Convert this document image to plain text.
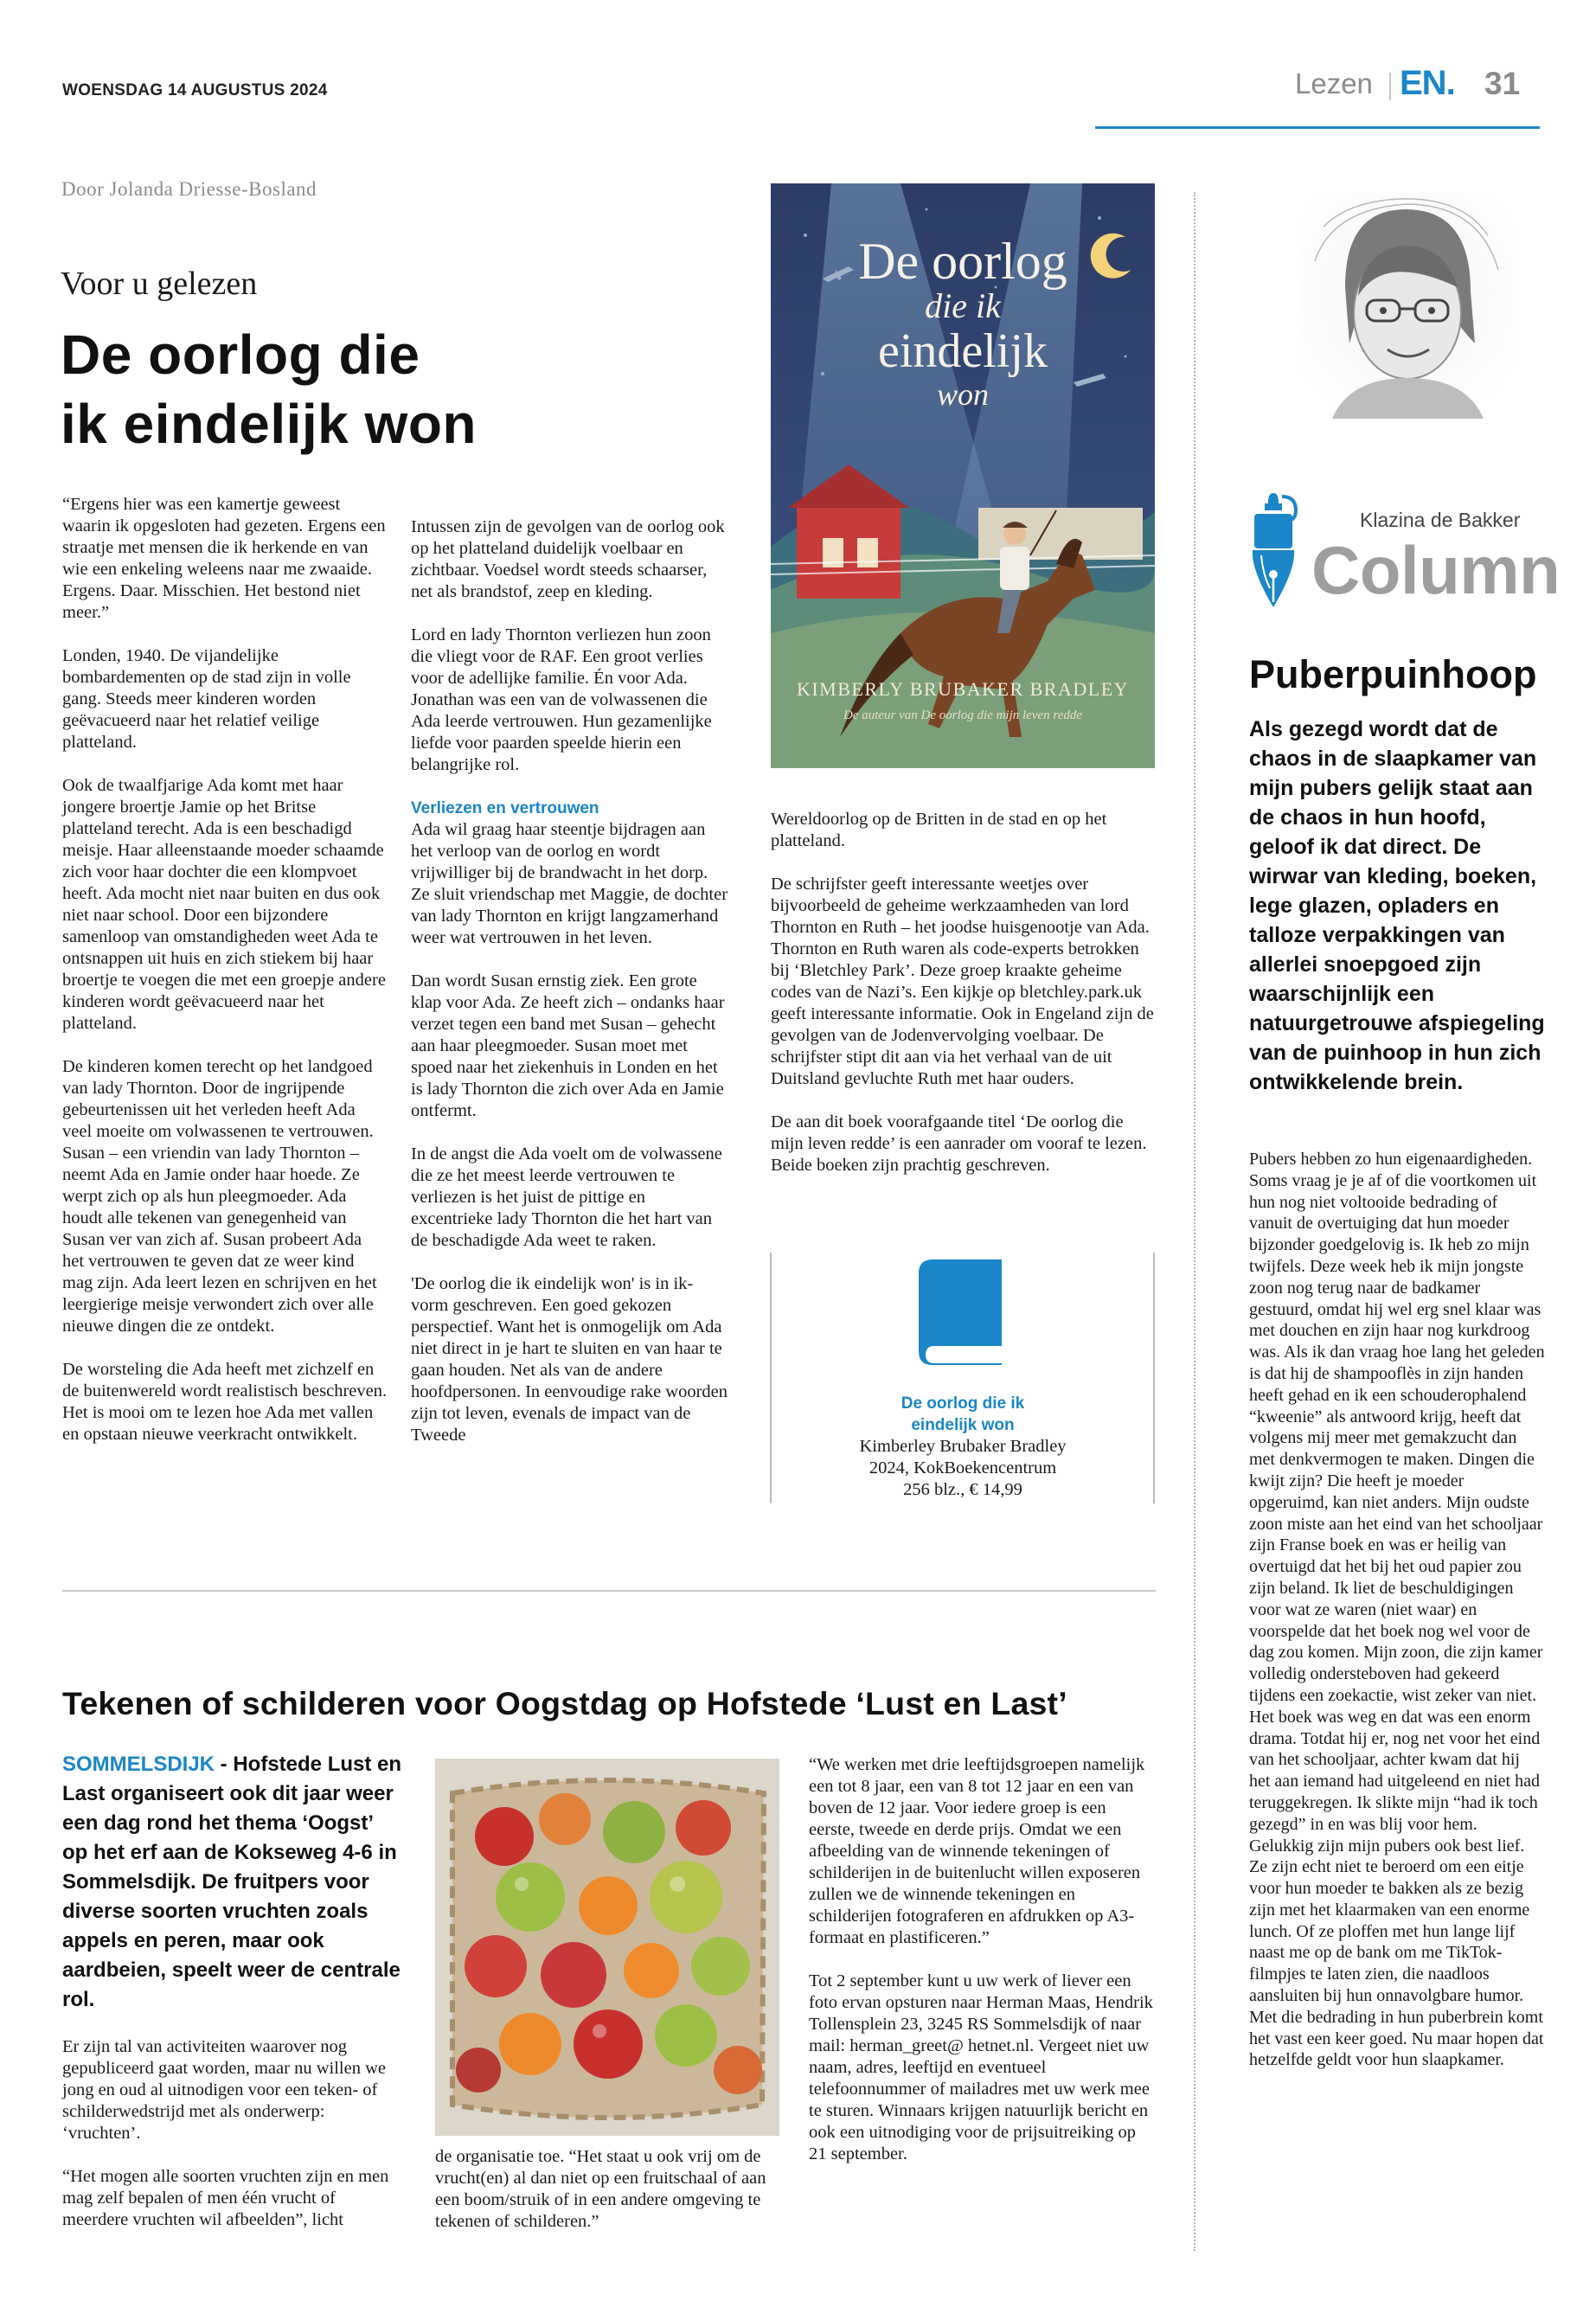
WOENSDAG 14 AUGUSTUS 2024	Lezen EN. 31
Door Jolanda Driesse-Bosland
Voor u gelezen
De oorlog die
ik eindelijk won

“Ergens hier was een kamertje geweest waarin ik opgesloten had gezeten. Ergens een straatje met mensen die ik herkende en van wie een enkeling weleens naar me zwaaide. Ergens. Daar. Misschien. Het bestond niet meer.”

Londen, 1940. De vijandelijke bombardementen op de stad zijn in volle gang. Steeds meer kinderen worden geëvacueerd naar het relatief veilige platteland.

Ook de twaalfjarige Ada komt met haar jongere broertje Jamie op het Britse platteland terecht. Ada is een beschadigd meisje. Haar alleenstaande moeder schaamde zich voor haar dochter die een klompvoet heeft. Ada mocht niet naar buiten en dus ook niet naar school. Door een bijzondere samenloop van omstandigheden weet Ada te ontsnappen uit huis en zich stiekem bij haar broertje te voegen die met een groepje andere kinderen wordt geëvacueerd naar het platteland.

De kinderen komen terecht op het landgoed van lady Thornton. Door de ingrijpende gebeurtenissen uit het verleden heeft Ada veel moeite om volwassenen te vertrouwen. Susan – een vriendin van lady Thornton – neemt Ada en Jamie onder haar hoede. Ze werpt zich op als hun pleegmoeder. Ada houdt alle tekenen van genegenheid van Susan ver van zich af. Susan probeert Ada het vertrouwen te geven dat ze weer kind mag zijn. Ada leert lezen en schrijven en het leergierige meisje verwondert zich over alle nieuwe dingen die ze ontdekt.

De worsteling die Ada heeft met zichzelf en de buitenwereld wordt realistisch beschreven. Het is mooi om te lezen hoe Ada met vallen en opstaan nieuwe veerkracht ontwikkelt.

Intussen zijn de gevolgen van de oorlog ook op het platteland duidelijk voelbaar en zichtbaar. Voedsel wordt steeds schaarser, net als brandstof, zeep en kleding.

Lord en lady Thornton verliezen hun zoon die vliegt voor de RAF. Een groot verlies voor de adellijke familie. Én voor Ada. Jonathan was een van de volwassenen die Ada leerde vertrouwen. Hun gezamenlijke liefde voor paarden speelde hierin een belangrijke rol.

Verliezen en vertrouwen

Ada wil graag haar steentje bijdragen aan het verloop van de oorlog en wordt vrijwilliger bij de brandwacht in het dorp. Ze sluit vriendschap met Maggie, de dochter van lady Thornton en krijgt langzamerhand weer wat vertrouwen in het leven.

Dan wordt Susan ernstig ziek. Een grote klap voor Ada. Ze heeft zich – ondanks haar verzet tegen een band met Susan – gehecht aan haar pleegmoeder. Susan moet met spoed naar het ziekenhuis in Londen en het is lady Thornton die zich over Ada en Jamie ontfermt.

In de angst die Ada voelt om de volwassene die ze het meest leerde vertrouwen te verliezen is het juist de pittige en excentrieke lady Thornton die het hart van de beschadigde Ada weet te raken.

'De oorlog die ik eindelijk won' is in ik-vorm geschreven. Een goed gekozen perspectief. Want het is onmogelijk om Ada niet direct in je hart te sluiten en van haar te gaan houden. Net als van de andere hoofdpersonen. In eenvoudige rake woorden zijn tot leven, evenals de impact van de Tweede

De oorlog
die ik
eindelijk
won
KIMBERLY BRUBAKER BRADLEY
De auteur van De oorlog die mijn leven redde

Wereldoorlog op de Britten in de stad en op het platteland.

De schrijfster geeft interessante weetjes over bijvoorbeeld de geheime werkzaamheden van lord Thornton en Ruth – het joodse huisgenootje van Ada. Thornton en Ruth waren als code-experts betrokken bij ‘Bletchley Park’. Deze groep kraakte geheime codes van de Nazi’s. Een kijkje op bletchley.park.uk geeft interessante informatie. Ook in Engeland zijn de gevolgen van de Jodenvervolging voelbaar. De schrijfster stipt dit aan via het verhaal van de uit Duitsland gevluchte Ruth met haar ouders.

De aan dit boek voorafgaande titel ‘De oorlog die mijn leven redde’ is een aanrader om vooraf te lezen. Beide boeken zijn prachtig geschreven.

De oorlog die ik eindelijk won
Kimberley Brubaker Bradley
2024, KokBoekencentrum
256 blz., € 14,99
Klazina de Bakker
Column
Puberpuinhoop
Als gezegd wordt dat de chaos in de slaapkamer van mijn pubers gelijk staat aan de chaos in hun hoofd, geloof ik dat direct. De wirwar van kleding, boeken, lege glazen, opladers en talloze verpakkingen van allerlei snoepgoed zijn waarschijnlijk een natuurgetrouwe afspiegeling van de puinhoop in hun zich ontwikkelende brein.
Pubers hebben zo hun eigenaardigheden. Soms vraag je je af of die voortkomen uit hun nog niet voltooide bedrading of vanuit de overtuiging dat hun moeder bijzonder goedgelovig is. Ik heb zo mijn twijfels. Deze week heb ik mijn jongste zoon nog terug naar de badkamer gestuurd, omdat hij wel erg snel klaar was met douchen en zijn haar nog kurkdroog was. Als ik dan vraag hoe lang het geleden is dat hij de shampooflès in zijn handen heeft gehad en ik een schouderophalend “kweenie” als antwoord krijg, heeft dat volgens mij meer met gemakzucht dan met denkvermogen te maken. Dingen die kwijt zijn? Die heeft je moeder opgeruimd, kan niet anders. Mijn oudste zoon miste aan het eind van het schooljaar zijn Franse boek en was er heilig van overtuigd dat het bij het oud papier zou zijn beland. Ik liet de beschuldigingen voor wat ze waren (niet waar) en voorspelde dat het boek nog wel voor de dag zou komen. Mijn zoon, die zijn kamer volledig ondersteboven had gekeerd tijdens een zoekactie, wist zeker van niet. Het boek was weg en dat was een enorm drama. Totdat hij er, nog net voor het eind van het schooljaar, achter kwam dat hij het aan iemand had uitgeleend en niet had teruggekregen. Ik slikte mijn “had ik toch gezegd” in en was blij voor hem. Gelukkig zijn mijn pubers ook best lief. Ze zijn echt niet te beroerd om een eitje voor hun moeder te bakken als ze bezig zijn met het klaarmaken van een enorme lunch. Of ze ploffen met hun lange lijf naast me op de bank om me TikTok-filmpjes te laten zien, die naadloos aansluiten bij hun onnavolgbare humor. Met die bedrading in hun puberbrein komt het vast een keer goed. Nu maar hopen dat hetzelfde geldt voor hun slaapkamer.
Tekenen of schilderen voor Oogstdag op Hofstede ‘Lust en Last’
SOMMELSDIJK - Hofstede Lust en Last organiseert ook dit jaar weer een dag rond het thema ‘Oogst’ op het erf aan de Kokseweg 4-6 in Sommelsdijk. De fruitpers voor diverse soorten vruchten zoals appels en peren, maar ook aardbeien, speelt weer de centrale rol.

Er zijn tal van activiteiten waarover nog gepubliceerd gaat worden, maar nu willen we jong en oud al uitnodigen voor een teken- of schilderwedstrijd met als onderwerp: ‘vruchten’.

“Het mogen alle soorten vruchten zijn en men mag zelf bepalen of men één vrucht of meerdere vruchten wil afbeelden”, licht

de organisatie toe. “Het staat u ook vrij om de vrucht(en) al dan niet op een fruitschaal of aan een boom/struik of in een andere omgeving te tekenen of schilderen.”

“We werken met drie leeftijdsgroepen namelijk een tot 8 jaar, een van 8 tot 12 jaar en een van boven de 12 jaar. Voor iedere groep is een eerste, tweede en derde prijs. Omdat we een afbeelding van de winnende tekeningen of schilderijen in de buitenlucht willen exposeren zullen we de winnende tekeningen en schilderijen fotograferen en afdrukken op A3-formaat en plastificeren.”

Tot 2 september kunt u uw werk of liever een foto ervan opsturen naar Herman Maas, Hendrik Tollensplein 23, 3245 RS Sommelsdijk of naar mail: herman_greet@ hetnet.nl. Vergeet niet uw naam, adres, leeftijd en eventueel telefoonnummer of mailadres met uw werk mee te sturen. Winnaars krijgen natuurlijk bericht en ook een uitnodiging voor de prijsuitreiking op 21 september.
